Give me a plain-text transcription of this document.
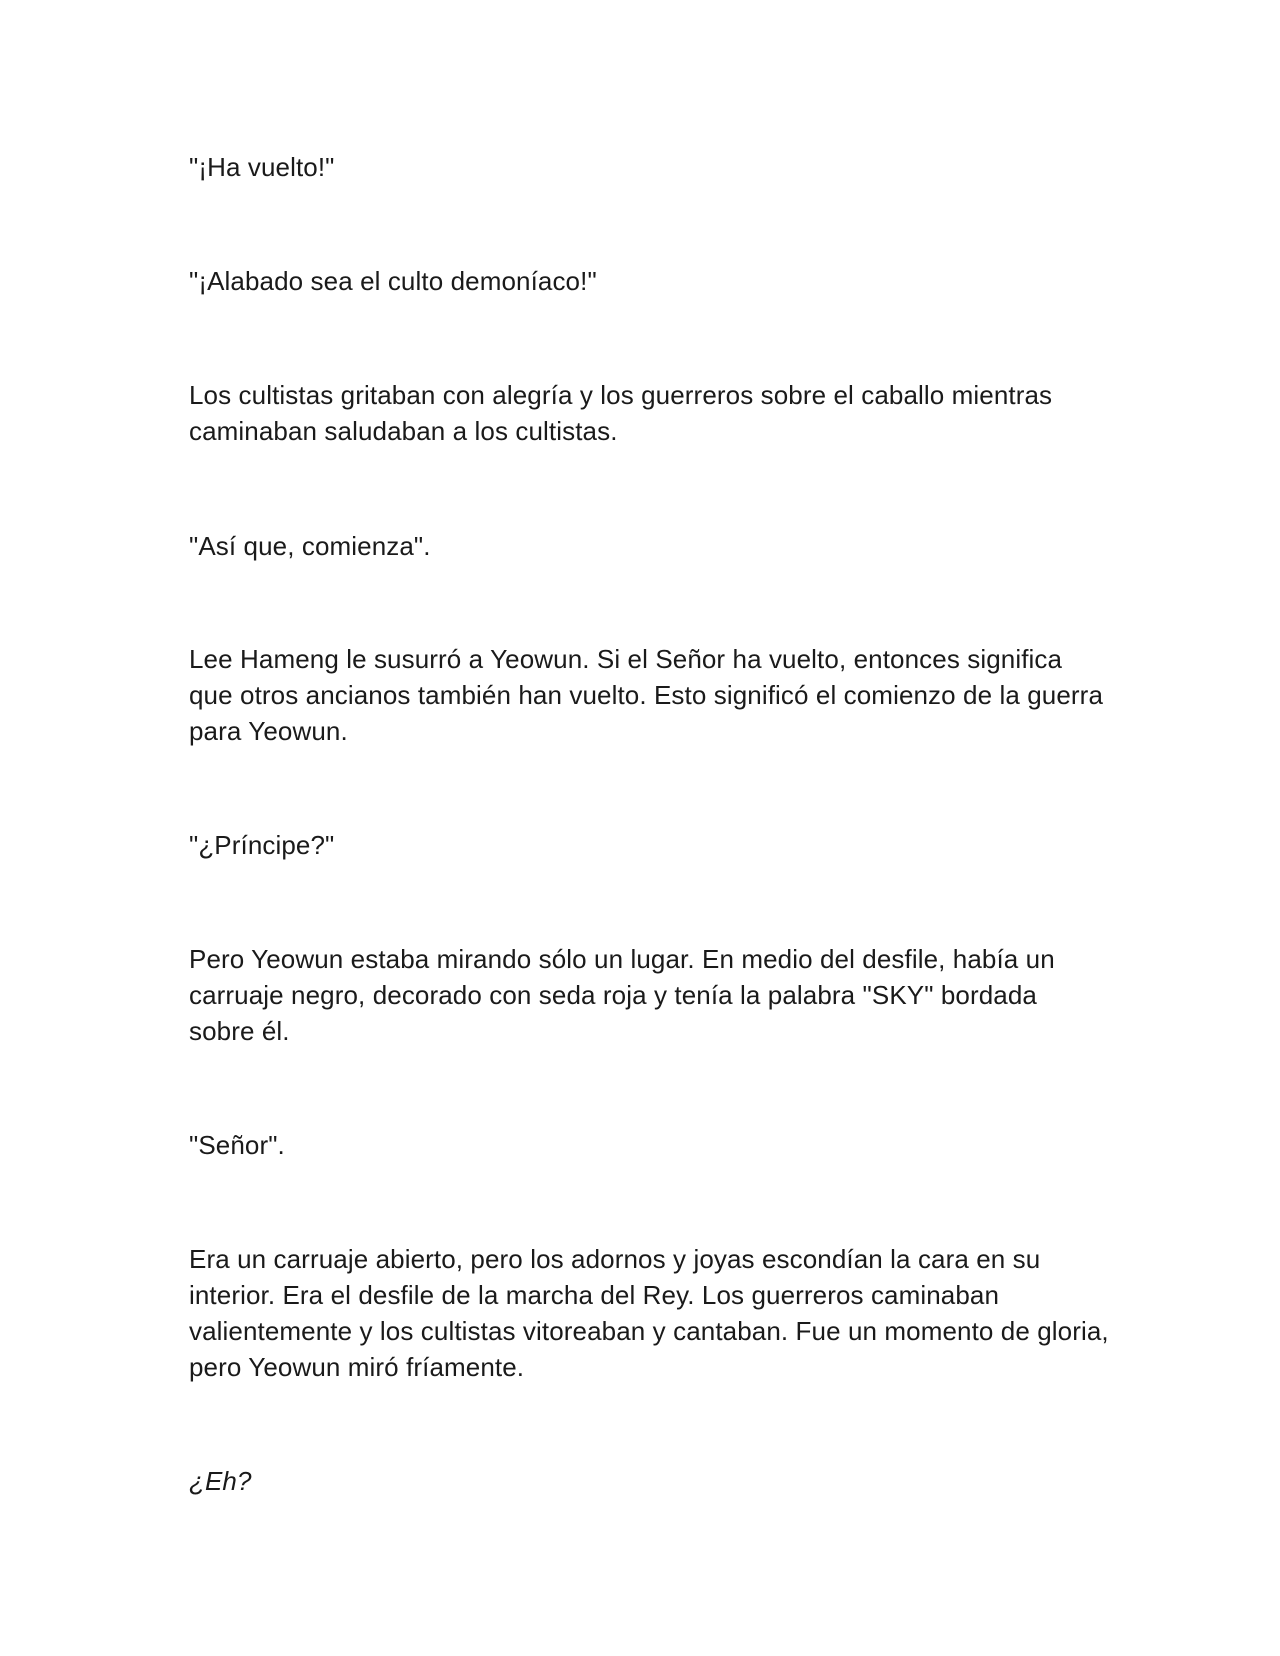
"¡Ha vuelto!"

"¡Alabado sea el culto demoníaco!"

Los cultistas gritaban con alegría y los guerreros sobre el caballo mientras caminaban saludaban a los cultistas.

"Así que, comienza".

Lee Hameng le susurró a Yeowun. Si el Señor ha vuelto, entonces significa que otros ancianos también han vuelto. Esto significó el comienzo de la guerra para Yeowun.

"¿Príncipe?"

Pero Yeowun estaba mirando sólo un lugar. En medio del desfile, había un carruaje negro, decorado con seda roja y tenía la palabra "SKY" bordada sobre él.

"Señor".

Era un carruaje abierto, pero los adornos y joyas escondían la cara en su interior. Era el desfile de la marcha del Rey. Los guerreros caminaban valientemente y los cultistas vitoreaban y cantaban. Fue un momento de gloria, pero Yeowun miró fríamente.

¿Eh?
